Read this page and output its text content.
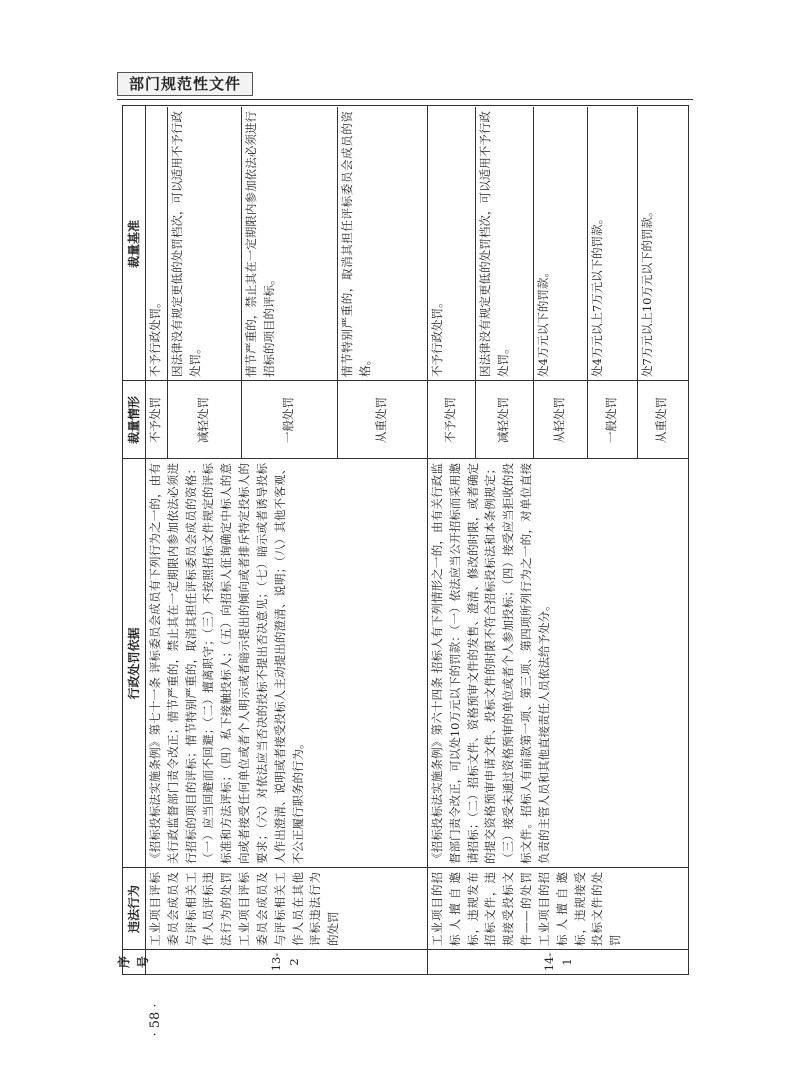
部门规范性文件
· 58 ·
序号
违法行为
行政处罚依据
裁量情形
裁量基准
13-2
工业项目评标委员会成员及与评标相关工作人员评标违法行为的处罚 工业项目评标委员会成员及与评标相关工作人员在其他评标违法行为的处罚
《招标投标法实施条例》第七十一条 评标委员会成员有下列行为之一的，由有关行政监督部门责令改正；情节严重的，禁止其在一定期限内参加依法必须进行招标的项目的评标；情节特别严重的，取消其担任评标委员会成员的资格：（一）应当回避而不回避；（二）擅离职守；（三）不按照招标文件规定的评标标准和方法评标；（四）私下接触投标人；（五）向招标人征询确定中标人的意向或者接受任何单位或者个人明示或者暗示提出的倾向或者排斥特定投标人的要求；（六）对依法应当否决的投标不提出否决意见；（七）暗示或者诱导投标人作出澄清、说明或者接受投标人主动提出的澄清、说明；（八）其他不客观、不公正履行职务的行为。
不予处罚
不予行政处罚。
减轻处罚
因法律没有规定更低的处罚档次，可以适用不予行政处罚。
一般处罚
情节严重的，禁止其在一定期限内参加依法必须进行招标的项目的评标。
从重处罚
情节特别严重的，取消其担任评标委员会成员的资格。
14-1
工业项目的招标人擅自邀标，违规发布招标文件，违规接受投标文件——的处罚 工业项目的招标人擅自邀标，违规接受投标文件的处罚
《招标投标法实施条例》第六十四条 招标人有下列情形之一的，由有关行政监督部门责令改正，可以处10万元以下的罚款：（一）依法应当公开招标而采用邀请招标；（二）招标文件、资格预审文件的发售、澄清、修改的时限，或者确定的提交资格预审申请文件、投标文件的时限不符合招标投标法和本条例规定；（三）接受未通过资格预审的单位或者个人参加投标；（四）接受应当拒收的投标文件。招标人有前款第一项、第三项、第四项所列行为之一的，对单位直接负责的主管人员和其他直接责任人员依法给予处分。
不予处罚
不予行政处罚。
减轻处罚
因法律没有规定更低的处罚档次，可以适用不予行政处罚。
从轻处罚
处4万元以下的罚款。
一般处罚
处4万元以上7万元以下的罚款。
从重处罚
处7万元以上10万元以下的罚款。
